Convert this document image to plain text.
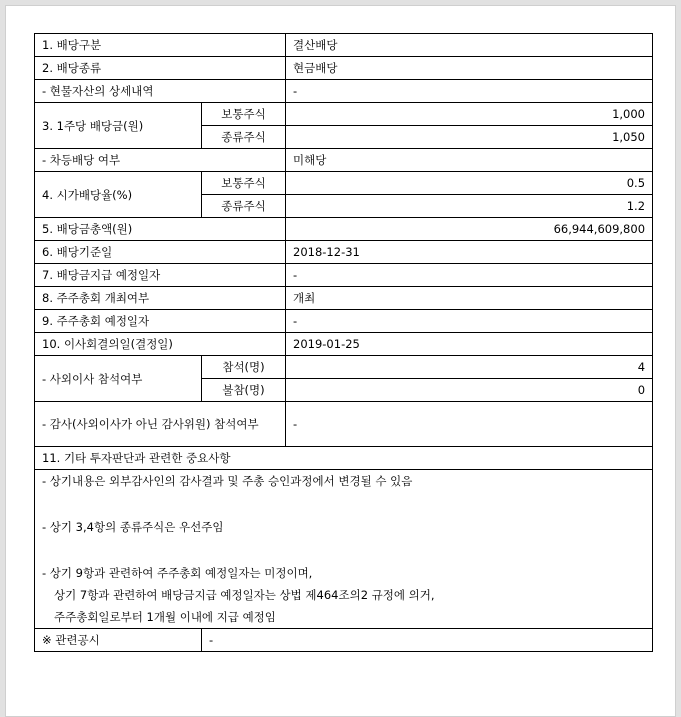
1. 배당구분		결산배당
2. 배당종류		현금배당
- 현물자산의 상세내역		-
3. 1주당 배당금(원)	보통주식	1,000
	종류주식	1,050
- 차등배당 여부		미해당
4. 시가배당율(%)	보통주식	0.5
	종류주식	1.2
5. 배당금총액(원)		66,944,609,800
6. 배당기준일		2018-12-31
7. 배당금지급 예정일자		-
8. 주주총회 개최여부		개최
9. 주주총회 예정일자		-
10. 이사회결의일(결정일)		2019-01-25
- 사외이사 참석여부	참석(명)	4
	불참(명)	0
- 감사(사외이사가 아닌 감사위원) 참석여부		-
11. 기타 투자판단과 관련한 중요사항		

- 상기내용은 외부감사인의 감사결과 및 주총 승인과정에서 변경될 수 있음
- 상기 3,4항의 종류주식은 우선주임
- 상기 9항과 관련하여 주주총회 예정일자는 미정이며,
상기 7항과 관련하여 배당금지급 예정일자는 상법 제464조의2 규정에 의거,
주주총회일로부터 1개월 이내에 지급 예정임		

※ 관련공시	-	
